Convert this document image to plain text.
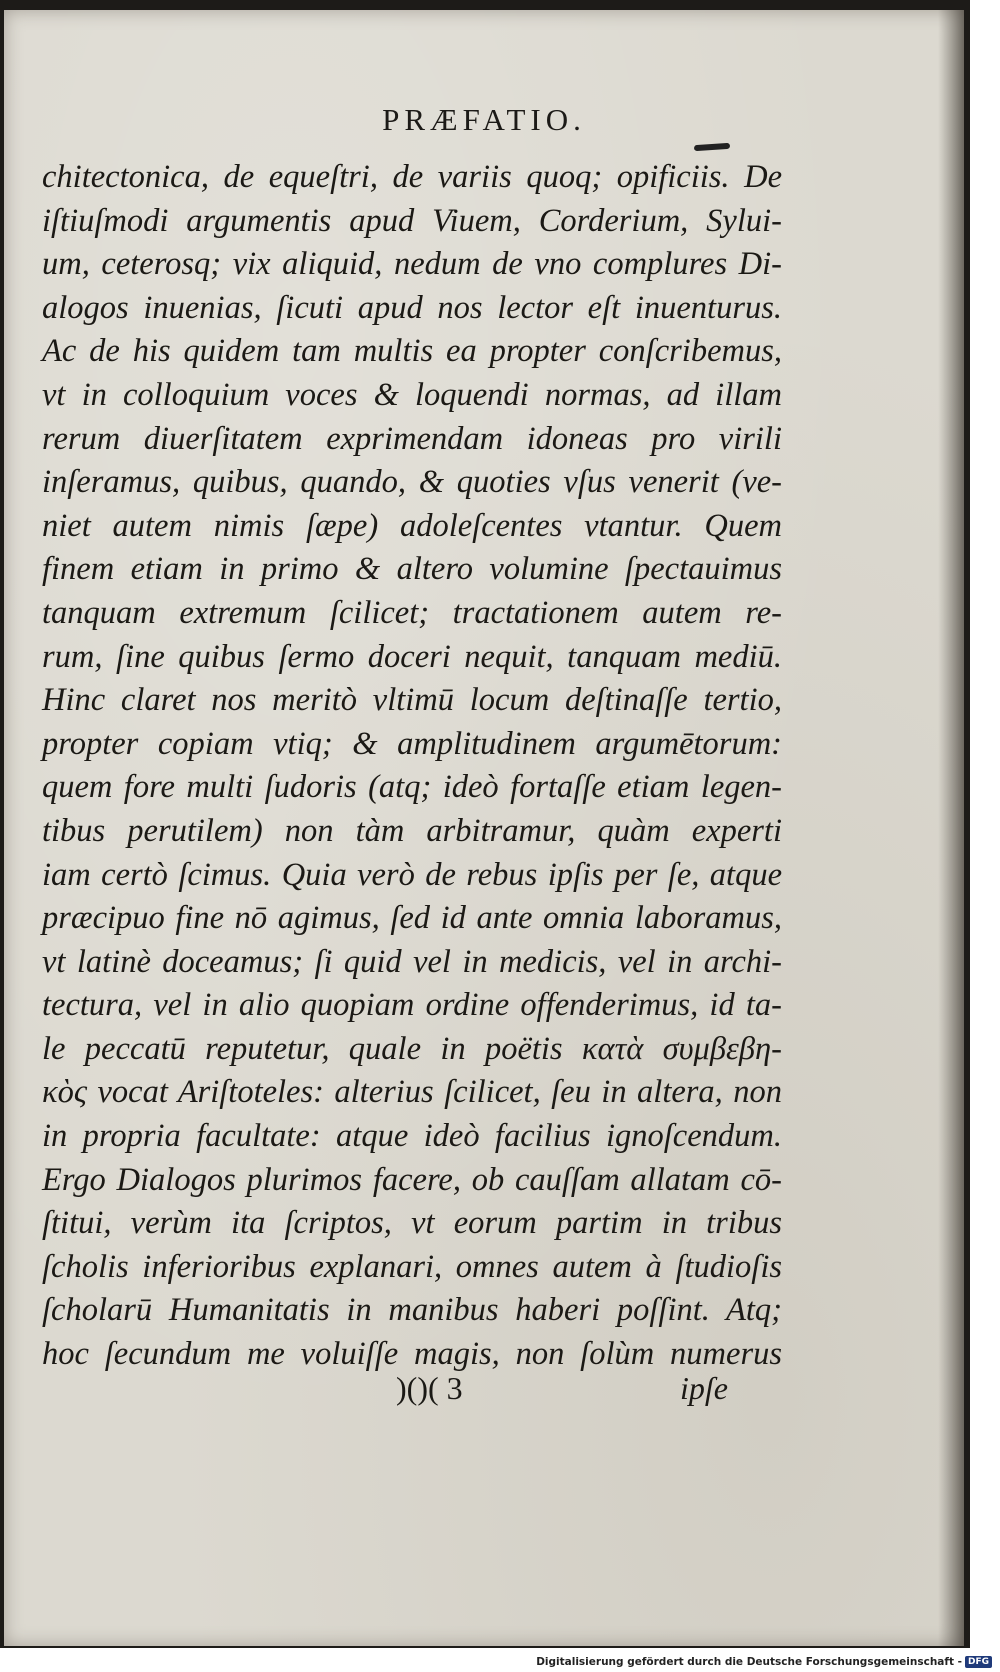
PRÆFATIO.
chitectonica, de equeſtri, de variis quoq; opificiis. De
iſtiuſmodi argumentis apud Viuem, Corderium, Sylui-
um, ceterosq; vix aliquid, nedum de vno complures Di-
alogos inuenias, ſicuti apud nos lector eſt inuenturus.
Ac de his quidem tam multis ea propter conſcribemus,
vt in colloquium voces & loquendi normas, ad illam
rerum diuerſitatem exprimendam idoneas pro virili
inſeramus, quibus, quando, & quoties vſus venerit (ve-
niet autem nimis ſæpe) adoleſcentes vtantur. Quem
finem etiam in primo & altero volumine ſpectauimus
tanquam extremum ſcilicet; tractationem autem re-
rum, ſine quibus ſermo doceri nequit, tanquam mediū.
Hinc claret nos meritò vltimū locum deſtinaſſe tertio,
propter copiam vtiq; & amplitudinem argumētorum:
quem fore multi ſudoris (atq; ideò fortaſſe etiam legen-
tibus perutilem) non tàm arbitramur, quàm experti
iam certò ſcimus. Quia verò de rebus ipſis per ſe, atque
præcipuo fine nō agimus, ſed id ante omnia laboramus,
vt latinè doceamus; ſi quid vel in medicis, vel in archi-
tectura, vel in alio quopiam ordine offenderimus, id ta-
le peccatū reputetur, quale in poëtis κατὰ συμβεβη-
κὸς vocat Ariſtoteles: alterius ſcilicet, ſeu in altera, non
in propria facultate: atque ideò facilius ignoſcendum.
Ergo Dialogos plurimos facere, ob cauſſam allatam cō-
ſtitui, verùm ita ſcriptos, vt eorum partim in tribus
ſcholis inferioribus explanari, omnes autem à ſtudioſis
ſcholarū Humanitatis in manibus haberi poſſint. Atq;
hoc ſecundum me voluiſſe magis, non ſolùm numerus
)()( 3	ipſe
Digitalisierung gefördert durch die Deutsche Forschungsgemeinschaft - DFG
